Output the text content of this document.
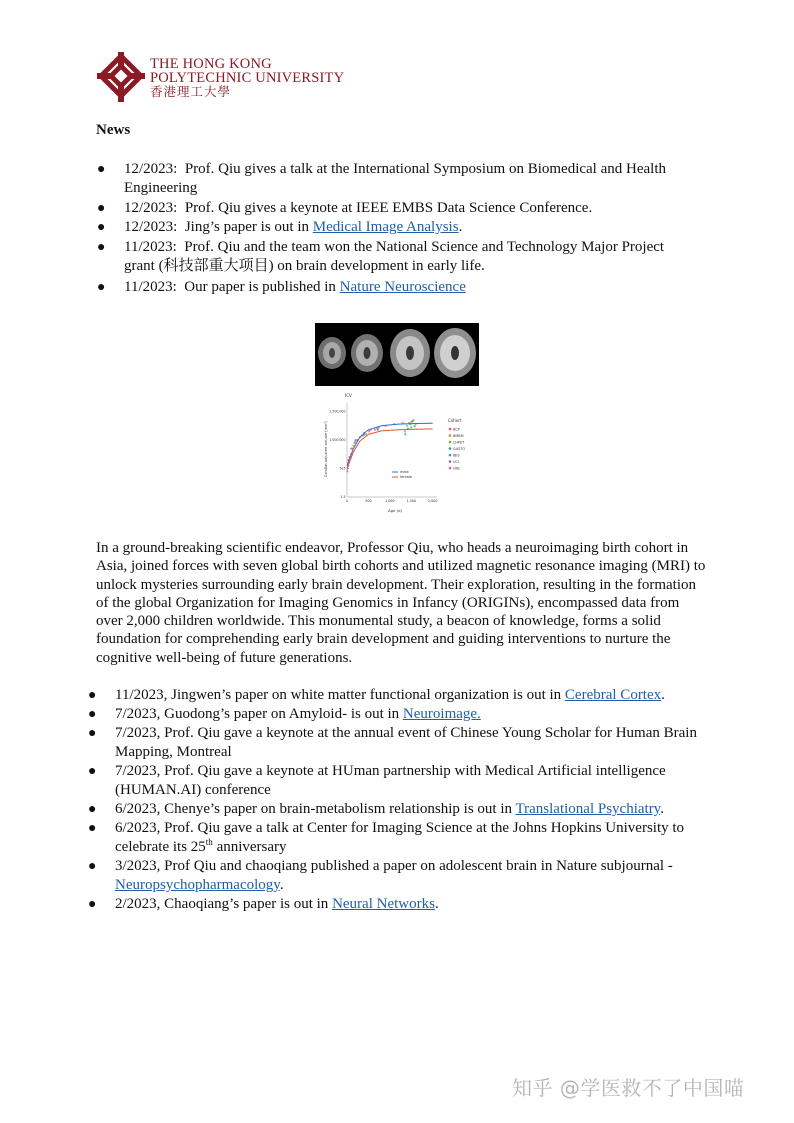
THE HONG KONG
POLYTECHNIC UNIVERSITY
香港理工大學
News
● 12/2023: Prof. Qiu gives a talk at the International Symposium on Biomedical and Health Engineering
● 12/2023: Prof. Qiu gives a keynote at IEEE EMBS Data Science Conference.
● 12/2023: Jing’s paper is out in Medical Image Analysis.
● 11/2023: Prof. Qiu and the team won the National Science and Technology Major Project grant (科技部重大项目) on brain development in early life.
● 11/2023: Our paper is published in Nature Neuroscience
ICV
ComBat-adjusted volume (mm³)
Age (d)
Cohort
0	500	1,000	1,500	2,000
1.5
5e5
1,000,000
1,500,000
male
female
BCP
BMBM
CHPET
GUSTO
IBIS
UCI
UNC
In a ground-breaking scientific endeavor, Professor Qiu, who heads a neuroimaging birth cohort in Asia, joined forces with seven global birth cohorts and utilized magnetic resonance imaging (MRI) to unlock mysteries surrounding early brain development. Their exploration, resulting in the formation of the global Organization for Imaging Genomics in Infancy (ORIGINs), encompassed data from over 2,000 children worldwide. This monumental study, a beacon of knowledge, forms a solid foundation for comprehending early brain development and guiding interventions to nurture the cognitive well-being of future generations.
● 11/2023, Jingwen’s paper on white matter functional organization is out in Cerebral Cortex.
● 7/2023, Guodong’s paper on Amyloid- is out in Neuroimage.
● 7/2023, Prof. Qiu gave a keynote at the annual event of Chinese Young Scholar for Human Brain Mapping, Montreal
● 7/2023, Prof. Qiu gave a keynote at HUman partnership with Medical Artificial intelligence (HUMAN.AI) conference
● 6/2023, Chenye’s paper on brain-metabolism relationship is out in Translational Psychiatry.
● 6/2023, Prof. Qiu gave a talk at Center for Imaging Science at the Johns Hopkins University to celebrate its 25th anniversary
● 3/2023, Prof Qiu and chaoqiang published a paper on adolescent brain in Nature subjournal - Neuropsychopharmacology.
● 2/2023, Chaoqiang’s paper is out in Neural Networks.
知乎 @学医救不了中国喵
